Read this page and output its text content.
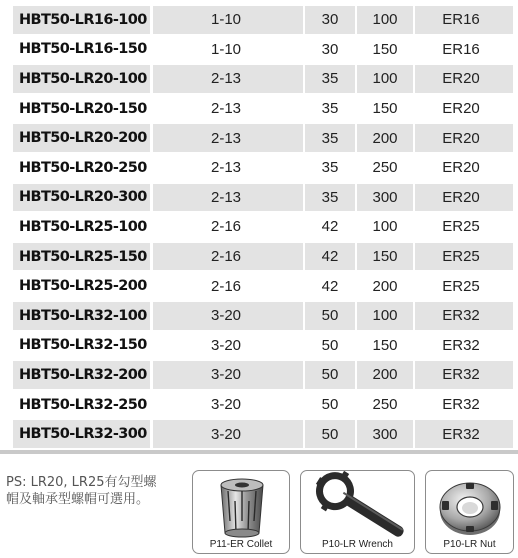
HBT50-LR16-100	1-10	30	100	ER16
HBT50-LR16-150	1-10	30	150	ER16
HBT50-LR20-100	2-13	35	100	ER20
HBT50-LR20-150	2-13	35	150	ER20
HBT50-LR20-200	2-13	35	200	ER20
HBT50-LR20-250	2-13	35	250	ER20
HBT50-LR20-300	2-13	35	300	ER20
HBT50-LR25-100	2-16	42	100	ER25
HBT50-LR25-150	2-16	42	150	ER25
HBT50-LR25-200	2-16	42	200	ER25
HBT50-LR32-100	3-20	50	100	ER32
HBT50-LR32-150	3-20	50	150	ER32
HBT50-LR32-200	3-20	50	200	ER32
HBT50-LR32-250	3-20	50	250	ER32
HBT50-LR32-300	3-20	50	300	ER32
PS: LR20, LR25有勾型螺
帽及軸承型螺帽可選用。
P11-ER Collet	P10-LR Wrench	P10-LR Nut
